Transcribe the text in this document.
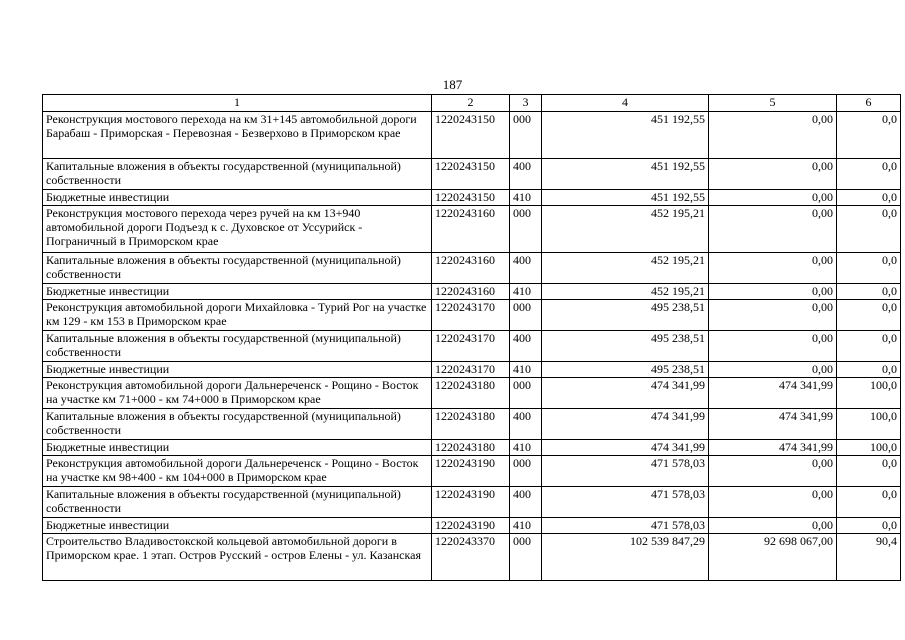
187
1	2	3	4	5	6
Реконструкция мостового перехода на км 31+145 автомобильной дороги Барабаш - Приморская - Перевозная - Безверхово в Приморском крае	1220243150	000	451 192,55	0,00	0,0
Капитальные вложения в объекты государственной (муниципальной) собственности	1220243150	400	451 192,55	0,00	0,0
Бюджетные инвестиции	1220243150	410	451 192,55	0,00	0,0
Реконструкция мостового перехода через ручей на км 13+940 автомобильной дороги Подъезд к с. Духовское от Уссурийск - Пограничный в Приморском крае	1220243160	000	452 195,21	0,00	0,0
Капитальные вложения в объекты государственной (муниципальной) собственности	1220243160	400	452 195,21	0,00	0,0
Бюджетные инвестиции	1220243160	410	452 195,21	0,00	0,0
Реконструкция автомобильной дороги Михайловка - Турий Рог на участке км 129 - км 153 в Приморском крае	1220243170	000	495 238,51	0,00	0,0
Капитальные вложения в объекты государственной (муниципальной) собственности	1220243170	400	495 238,51	0,00	0,0
Бюджетные инвестиции	1220243170	410	495 238,51	0,00	0,0
Реконструкция автомобильной дороги Дальнереченск - Рощино - Восток на участке км 71+000 - км 74+000 в Приморском крае	1220243180	000	474 341,99	474 341,99	100,0
Капитальные вложения в объекты государственной (муниципальной) собственности	1220243180	400	474 341,99	474 341,99	100,0
Бюджетные инвестиции	1220243180	410	474 341,99	474 341,99	100,0
Реконструкция автомобильной дороги Дальнереченск - Рощино - Восток на участке км 98+400 - км 104+000 в Приморском крае	1220243190	000	471 578,03	0,00	0,0
Капитальные вложения в объекты государственной (муниципальной) собственности	1220243190	400	471 578,03	0,00	0,0
Бюджетные инвестиции	1220243190	410	471 578,03	0,00	0,0
Строительство Владивостокской кольцевой автомобильной дороги в Приморском крае. 1 этап. Остров Русский - остров Елены - ул. Казанская	1220243370	000	102 539 847,29	92 698 067,00	90,4
